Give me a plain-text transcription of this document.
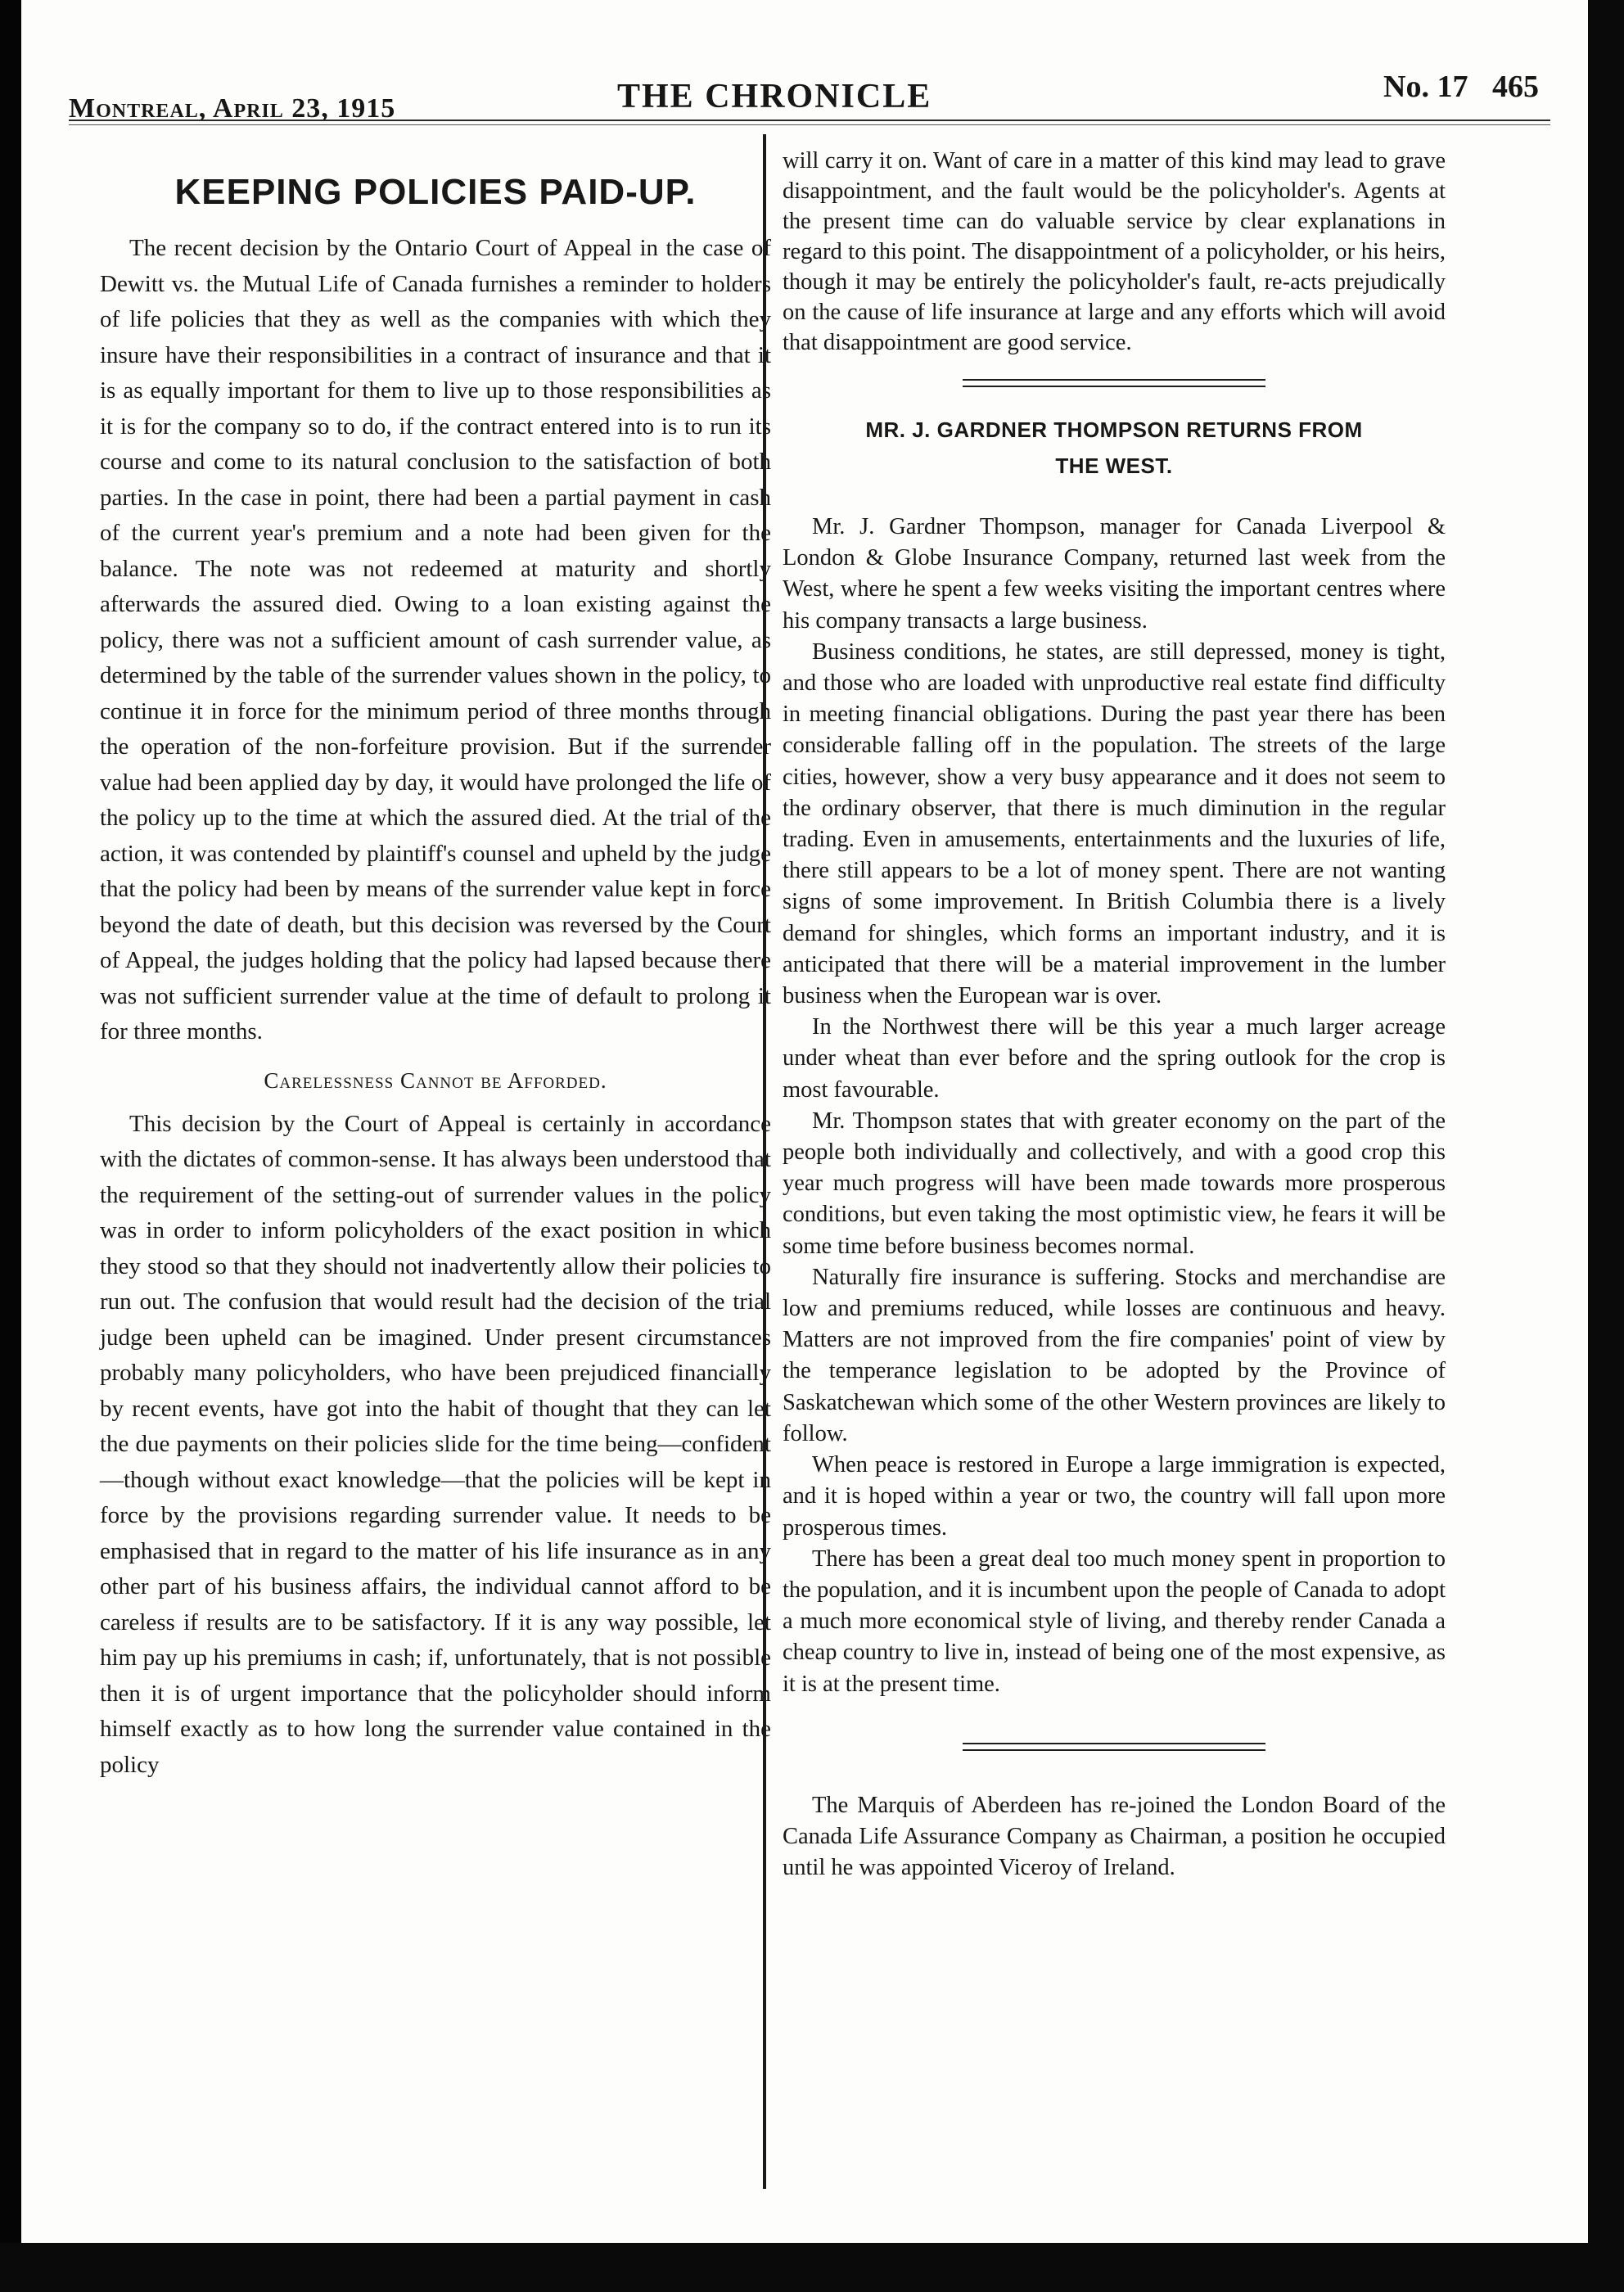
Montreal, April 23, 1915	THE CHRONICLE	No. 17 465
KEEPING POLICIES PAID-UP.

The recent decision by the Ontario Court of Appeal in the case of Dewitt vs. the Mutual Life of Canada furnishes a reminder to holders of life policies that they as well as the companies with which they insure have their responsibilities in a contract of insurance and that it is as equally important for them to live up to those responsibilities as it is for the company so to do, if the contract entered into is to run its course and come to its natural conclusion to the satisfaction of both parties. In the case in point, there had been a partial payment in cash of the current year's premium and a note had been given for the balance. The note was not redeemed at maturity and shortly afterwards the assured died. Owing to a loan existing against the policy, there was not a sufficient amount of cash surrender value, as determined by the table of the surrender values shown in the policy, to continue it in force for the minimum period of three months through the operation of the non-forfeiture provision. But if the surrender value had been applied day by day, it would have prolonged the life of the policy up to the time at which the assured died. At the trial of the action, it was contended by plaintiff's counsel and upheld by the judge that the policy had been by means of the surrender value kept in force beyond the date of death, but this decision was reversed by the Court of Appeal, the judges holding that the policy had lapsed because there was not sufficient surrender value at the time of default to prolong it for three months.

Carelessness Cannot be Afforded.

This decision by the Court of Appeal is certainly in accordance with the dictates of common-sense. It has always been understood that the requirement of the setting-out of surrender values in the policy was in order to inform policyholders of the exact position in which they stood so that they should not inadvertently allow their policies to run out. The confusion that would result had the decision of the trial judge been upheld can be imagined. Under present circumstances probably many policyholders, who have been prejudiced financially by recent events, have got into the habit of thought that they can let the due payments on their policies slide for the time being—confident—though without exact knowledge—that the policies will be kept in force by the provisions regarding surrender value. It needs to be emphasised that in regard to the matter of his life insurance as in any other part of his business affairs, the individual cannot afford to be careless if results are to be satisfactory. If it is any way possible, let him pay up his premiums in cash; if, unfortunately, that is not possible then it is of urgent importance that the policyholder should inform himself exactly as to how long the surrender value contained in the policy

will carry it on. Want of care in a matter of this kind may lead to grave disappointment, and the fault would be the policyholder's. Agents at the present time can do valuable service by clear explanations in regard to this point. The disappointment of a policyholder, or his heirs, though it may be entirely the policyholder's fault, re-acts prejudically on the cause of life insurance at large and any efforts which will avoid that disappointment are good service.

MR. J. GARDNER THOMPSON RETURNS FROM
THE WEST.

Mr. J. Gardner Thompson, manager for Canada Liverpool & London & Globe Insurance Company, returned last week from the West, where he spent a few weeks visiting the important centres where his company transacts a large business.

Business conditions, he states, are still depressed, money is tight, and those who are loaded with unproductive real estate find difficulty in meeting financial obligations. During the past year there has been considerable falling off in the population. The streets of the large cities, however, show a very busy appearance and it does not seem to the ordinary observer, that there is much diminution in the regular trading. Even in amusements, entertainments and the luxuries of life, there still appears to be a lot of money spent. There are not wanting signs of some improvement. In British Columbia there is a lively demand for shingles, which forms an important industry, and it is anticipated that there will be a material improvement in the lumber business when the European war is over.

In the Northwest there will be this year a much larger acreage under wheat than ever before and the spring outlook for the crop is most favourable.

Mr. Thompson states that with greater economy on the part of the people both individually and collectively, and with a good crop this year much progress will have been made towards more prosperous conditions, but even taking the most optimistic view, he fears it will be some time before business becomes normal.

Naturally fire insurance is suffering. Stocks and merchandise are low and premiums reduced, while losses are continuous and heavy. Matters are not improved from the fire companies' point of view by the temperance legislation to be adopted by the Province of Saskatchewan which some of the other Western provinces are likely to follow.

When peace is restored in Europe a large immigration is expected, and it is hoped within a year or two, the country will fall upon more prosperous times.

There has been a great deal too much money spent in proportion to the population, and it is incumbent upon the people of Canada to adopt a much more economical style of living, and thereby render Canada a cheap country to live in, instead of being one of the most expensive, as it is at the present time.

The Marquis of Aberdeen has re-joined the London Board of the Canada Life Assurance Company as Chairman, a position he occupied until he was appointed Viceroy of Ireland.
